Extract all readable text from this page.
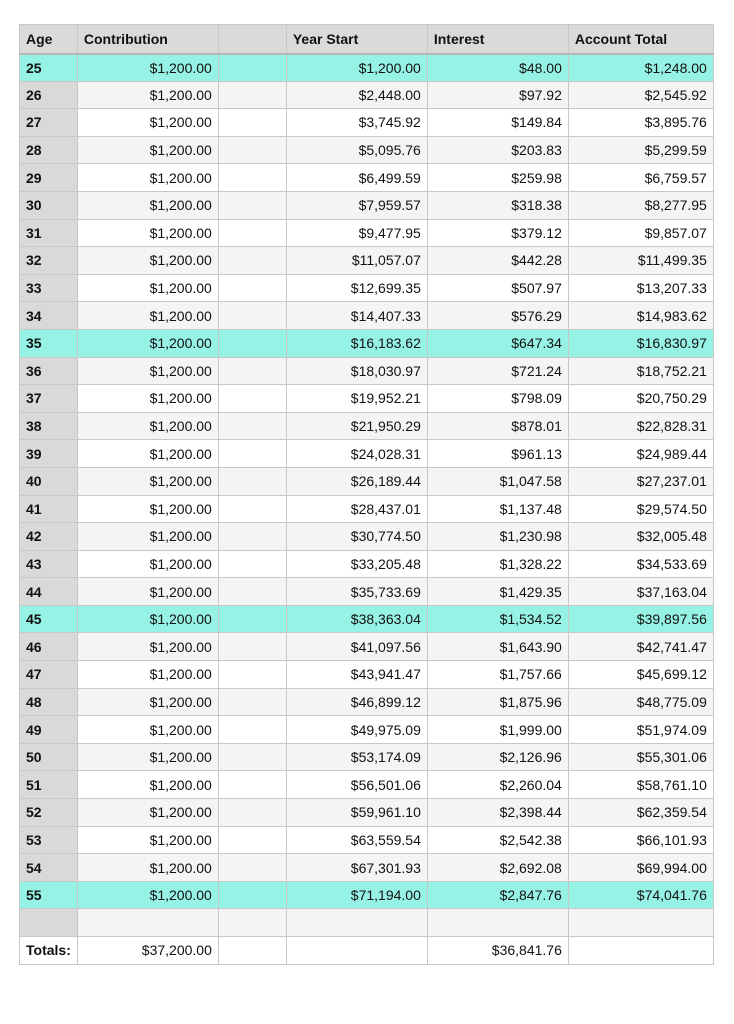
Age	Contribution		Year Start	Interest	Account Total
25	$1,200.00		$1,200.00	$48.00	$1,248.00
26	$1,200.00		$2,448.00	$97.92	$2,545.92
27	$1,200.00		$3,745.92	$149.84	$3,895.76
28	$1,200.00		$5,095.76	$203.83	$5,299.59
29	$1,200.00		$6,499.59	$259.98	$6,759.57
30	$1,200.00		$7,959.57	$318.38	$8,277.95
31	$1,200.00		$9,477.95	$379.12	$9,857.07
32	$1,200.00		$11,057.07	$442.28	$11,499.35
33	$1,200.00		$12,699.35	$507.97	$13,207.33
34	$1,200.00		$14,407.33	$576.29	$14,983.62
35	$1,200.00		$16,183.62	$647.34	$16,830.97
36	$1,200.00		$18,030.97	$721.24	$18,752.21
37	$1,200.00		$19,952.21	$798.09	$20,750.29
38	$1,200.00		$21,950.29	$878.01	$22,828.31
39	$1,200.00		$24,028.31	$961.13	$24,989.44
40	$1,200.00		$26,189.44	$1,047.58	$27,237.01
41	$1,200.00		$28,437.01	$1,137.48	$29,574.50
42	$1,200.00		$30,774.50	$1,230.98	$32,005.48
43	$1,200.00		$33,205.48	$1,328.22	$34,533.69
44	$1,200.00		$35,733.69	$1,429.35	$37,163.04
45	$1,200.00		$38,363.04	$1,534.52	$39,897.56
46	$1,200.00		$41,097.56	$1,643.90	$42,741.47
47	$1,200.00		$43,941.47	$1,757.66	$45,699.12
48	$1,200.00		$46,899.12	$1,875.96	$48,775.09
49	$1,200.00		$49,975.09	$1,999.00	$51,974.09
50	$1,200.00		$53,174.09	$2,126.96	$55,301.06
51	$1,200.00		$56,501.06	$2,260.04	$58,761.10
52	$1,200.00		$59,961.10	$2,398.44	$62,359.54
53	$1,200.00		$63,559.54	$2,542.38	$66,101.93
54	$1,200.00		$67,301.93	$2,692.08	$69,994.00
55	$1,200.00		$71,194.00	$2,847.76	$74,041.76

Totals:	$37,200.00			$36,841.76	
